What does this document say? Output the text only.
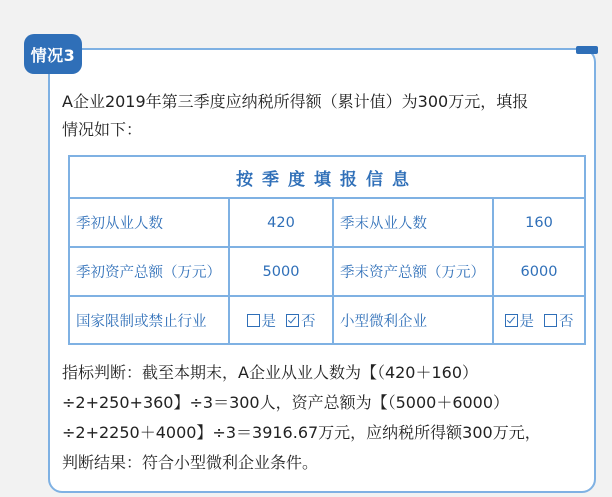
情况3
A企业2019年第三季度应纳税所得额（累计值）为300万元，填报
情况如下：
按季度填报信息
季初从业人数	420	季末从业人数	160
季初资产总额（万元）	5000	季末资产总额（万元）	6000
国家限制或禁止行业	是 否	小型微利企业	是 否
指标判断：截至本期末，A企业从业人数为【（420＋160）
÷2+250+360】÷3＝300人，资产总额为【（5000＋6000）
÷2+2250＋4000】÷3＝3916.67万元，应纳税所得额300万元，
判断结果：符合小型微利企业条件。
